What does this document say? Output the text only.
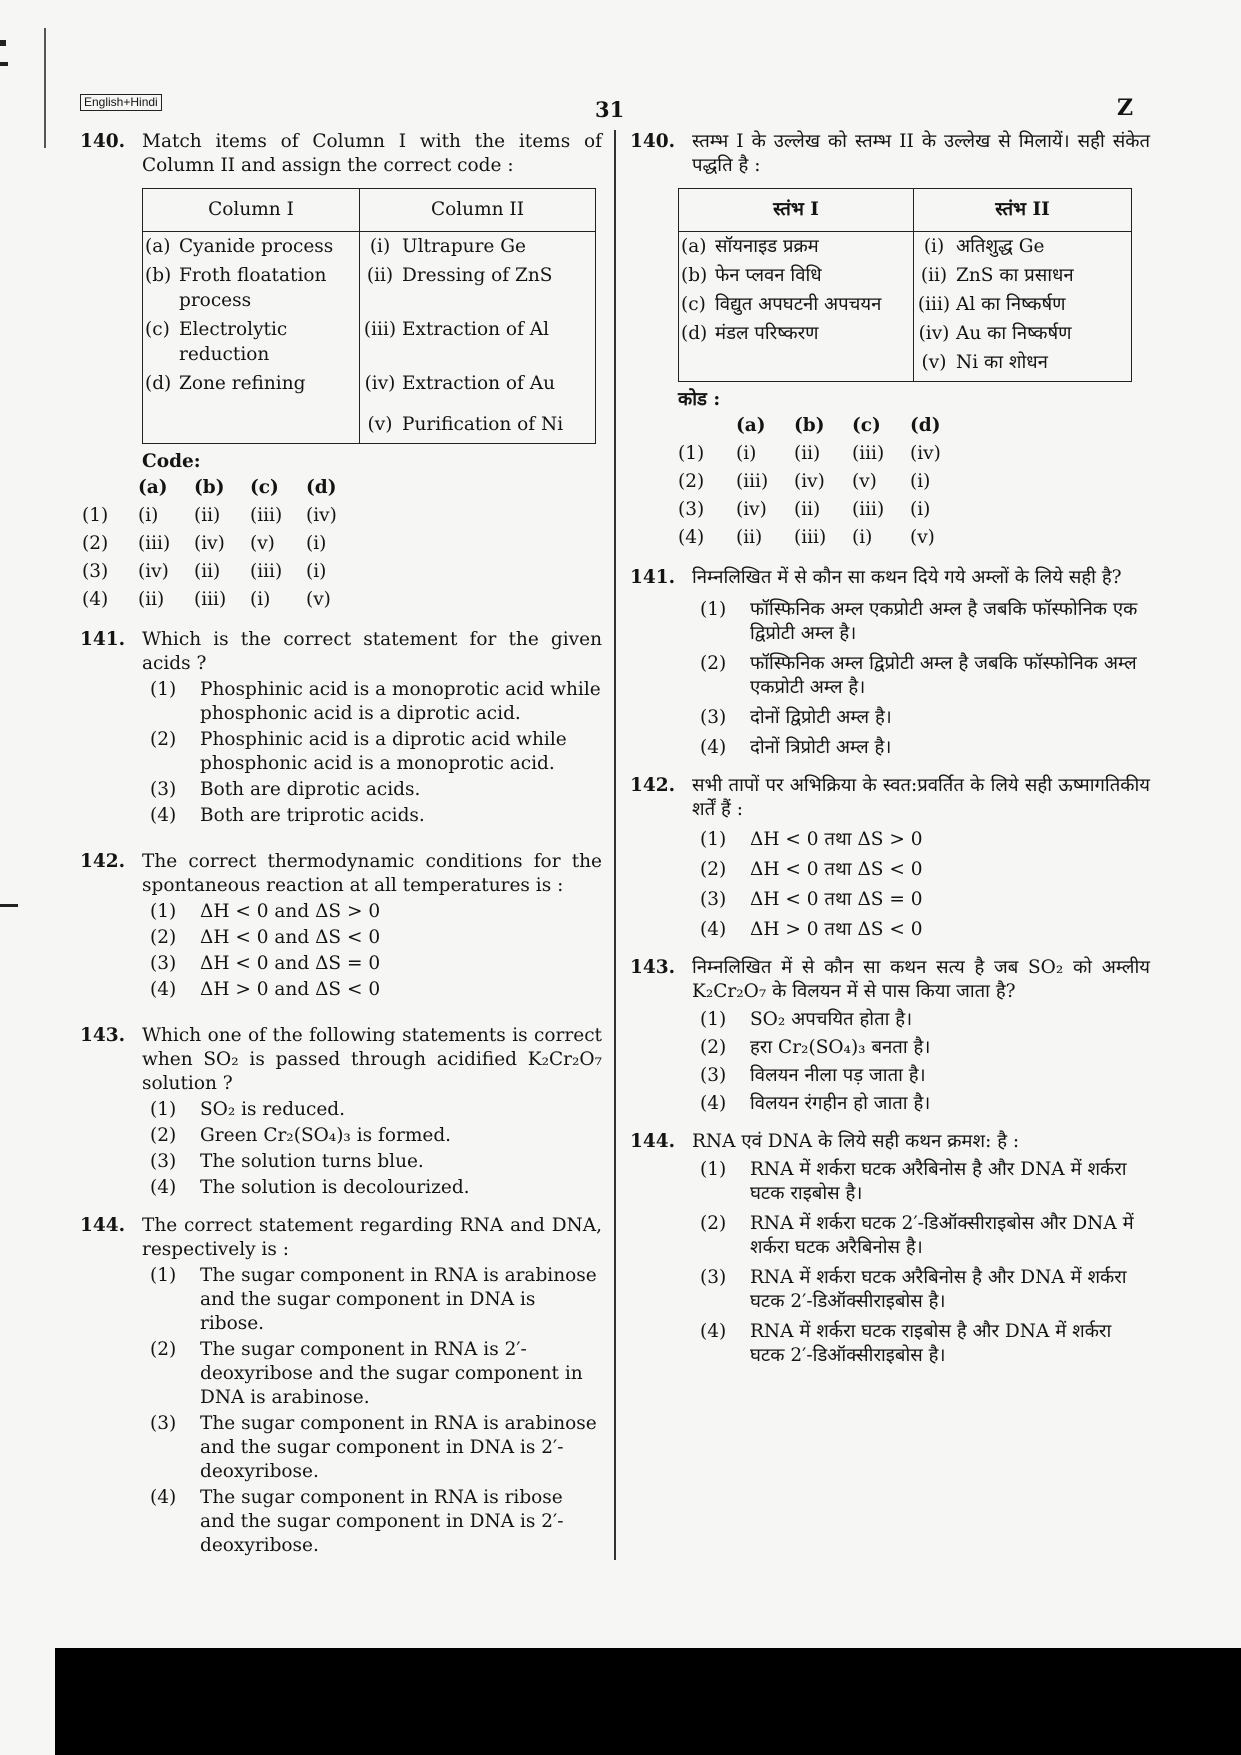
English+Hindi	31	Z
140. Match items of Column I with the items of Column II and assign the correct code :
Column I		Column II	
(a)	Cyanide process	(i)	Ultrapure Ge
(b)	Froth floatation process	(ii)	Dressing of ZnS
(c)	Electrolytic reduction	(iii)	Extraction of Al
(d)	Zone refining	(iv)	Extraction of Au
		(v)	Purification of Ni
Code:
	(a)	(b)	(c)	(d)
(1)	(i)	(ii)	(iii)	(iv)
(2)	(iii)	(iv)	(v)	(i)
(3)	(iv)	(ii)	(iii)	(i)
(4)	(ii)	(iii)	(i)	(v)
141. Which is the correct statement for the given acids ?
(1) Phosphinic acid is a monoprotic acid while phosphonic acid is a diprotic acid.
(2) Phosphinic acid is a diprotic acid while phosphonic acid is a monoprotic acid.
(3) Both are diprotic acids.
(4) Both are triprotic acids.
142. The correct thermodynamic conditions for the spontaneous reaction at all temperatures is :
(1) ΔH < 0 and ΔS > 0
(2) ΔH < 0 and ΔS < 0
(3) ΔH < 0 and ΔS = 0
(4) ΔH > 0 and ΔS < 0
143. Which one of the following statements is correct when SO₂ is passed through acidified K₂Cr₂O₇ solution ?
(1) SO₂ is reduced.
(2) Green Cr₂(SO₄)₃ is formed.
(3) The solution turns blue.
(4) The solution is decolourized.
144. The correct statement regarding RNA and DNA, respectively is :
(1) The sugar component in RNA is arabinose and the sugar component in DNA is ribose.
(2) The sugar component in RNA is 2′-deoxyribose and the sugar component in DNA is arabinose.
(3) The sugar component in RNA is arabinose and the sugar component in DNA is 2′-deoxyribose.
(4) The sugar component in RNA is ribose and the sugar component in DNA is 2′-deoxyribose.
140. स्तम्भ I के उल्लेख को स्तम्भ II के उल्लेख से मिलायें। सही संकेत पद्धति है :
स्तंभ I		स्तंभ II	
(a)	सॉयनाइड प्रक्रम	(i)	अतिशुद्ध Ge
(b)	फेन प्लवन विधि	(ii)	ZnS का प्रसाधन
(c)	विद्युत अपघटनी अपचयन	(iii)	Al का निष्कर्षण
(d)	मंडल परिष्करण	(iv)	Au का निष्कर्षण
		(v)	Ni का शोधन
कोड :
	(a)	(b)	(c)	(d)
(1)	(i)	(ii)	(iii)	(iv)
(2)	(iii)	(iv)	(v)	(i)
(3)	(iv)	(ii)	(iii)	(i)
(4)	(ii)	(iii)	(i)	(v)
141. निम्नलिखित में से कौन सा कथन दिये गये अम्लों के लिये सही है?
(1) फॉस्फिनिक अम्ल एकप्रोटी अम्ल है जबकि फॉस्फोनिक एक द्विप्रोटी अम्ल है।
(2) फॉस्फिनिक अम्ल द्विप्रोटी अम्ल है जबकि फॉस्फोनिक अम्ल एकप्रोटी अम्ल है।
(3) दोनों द्विप्रोटी अम्ल है।
(4) दोनों त्रिप्रोटी अम्ल है।
142. सभी तापों पर अभिक्रिया के स्वत:प्रवर्तित के लिये सही ऊष्मागतिकीय शर्तें हैं :
(1) ΔH < 0 तथा ΔS > 0
(2) ΔH < 0 तथा ΔS < 0
(3) ΔH < 0 तथा ΔS = 0
(4) ΔH > 0 तथा ΔS < 0
143. निम्नलिखित में से कौन सा कथन सत्य है जब SO₂ को अम्लीय K₂Cr₂O₇ के विलयन में से पास किया जाता है?
(1) SO₂ अपचयित होता है।
(2) हरा Cr₂(SO₄)₃ बनता है।
(3) विलयन नीला पड़ जाता है।
(4) विलयन रंगहीन हो जाता है।
144. RNA एवं DNA के लिये सही कथन क्रमश: है :
(1) RNA में शर्करा घटक अरैबिनोस है और DNA में शर्करा घटक राइबोस है।
(2) RNA में शर्करा घटक 2′-डिऑक्सीराइबोस और DNA में शर्करा घटक अरैबिनोस है।
(3) RNA में शर्करा घटक अरैबिनोस है और DNA में शर्करा घटक 2′-डिऑक्सीराइबोस है।
(4) RNA में शर्करा घटक राइबोस है और DNA में शर्करा घटक 2′-डिऑक्सीराइबोस है।
